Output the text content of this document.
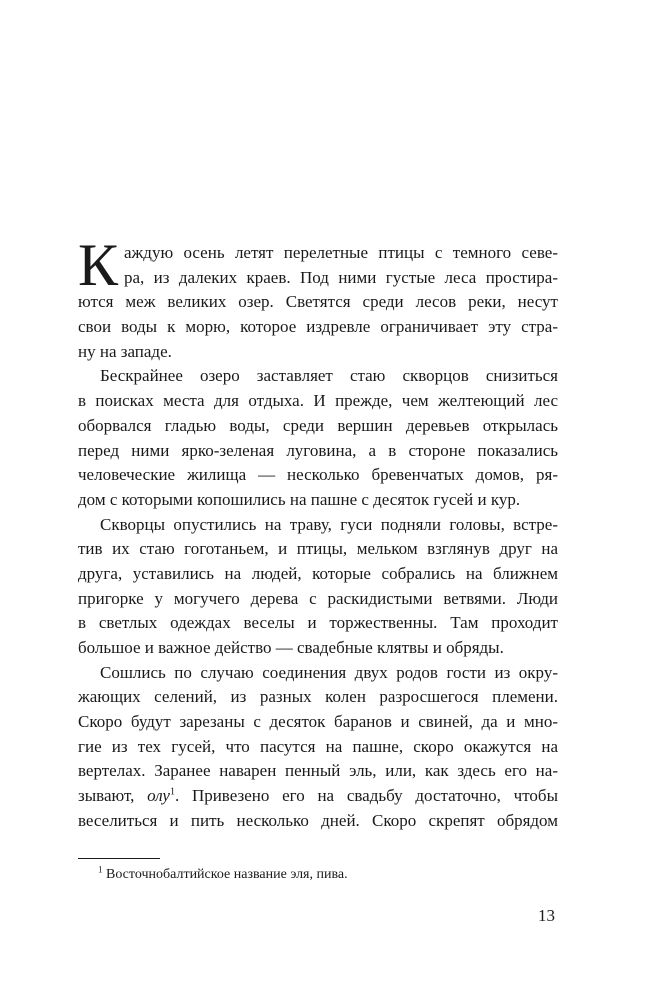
К аждую осень летят перелетные птицы с темного севе-
ра, из далеких краев. Под ними густые леса простира-
ются меж великих озер. Светятся среди лесов реки, несут
свои воды к морю, которое издревле ограничивает эту стра-
ну на западе.
Бескрайнее озеро заставляет стаю скворцов снизиться
в поисках места для отдыха. И прежде, чем желтеющий лес
оборвался гладью воды, среди вершин деревьев открылась
перед ними ярко-зеленая луговина, а в стороне показались
человеческие жилища — несколько бревенчатых домов, ря-
дом с которыми копошились на пашне с десяток гусей и кур.
Скворцы опустились на траву, гуси подняли головы, встре-
тив их стаю гоготаньем, и птицы, мельком взглянув друг на
друга, уставились на людей, которые собрались на ближнем
пригорке у могучего дерева с раскидистыми ветвями. Люди
в светлых одеждах веселы и торжественны. Там проходит
большое и важное действо — свадебные клятвы и обряды.
Сошлись по случаю соединения двух родов гости из окру-
жающих селений, из разных колен разросшегося племени.
Скоро будут зарезаны с десяток баранов и свиней, да и мно-
гие из тех гусей, что пасутся на пашне, скоро окажутся на
вертелах. Заранее наварен пенный эль, или, как здесь его на-
зывают, олу$^1$. Привезено его на свадьбу достаточно, чтобы
веселиться и пить несколько дней. Скоро скрепят обрядом
$^1$ Восточнобалтийское название эля, пива.
13
